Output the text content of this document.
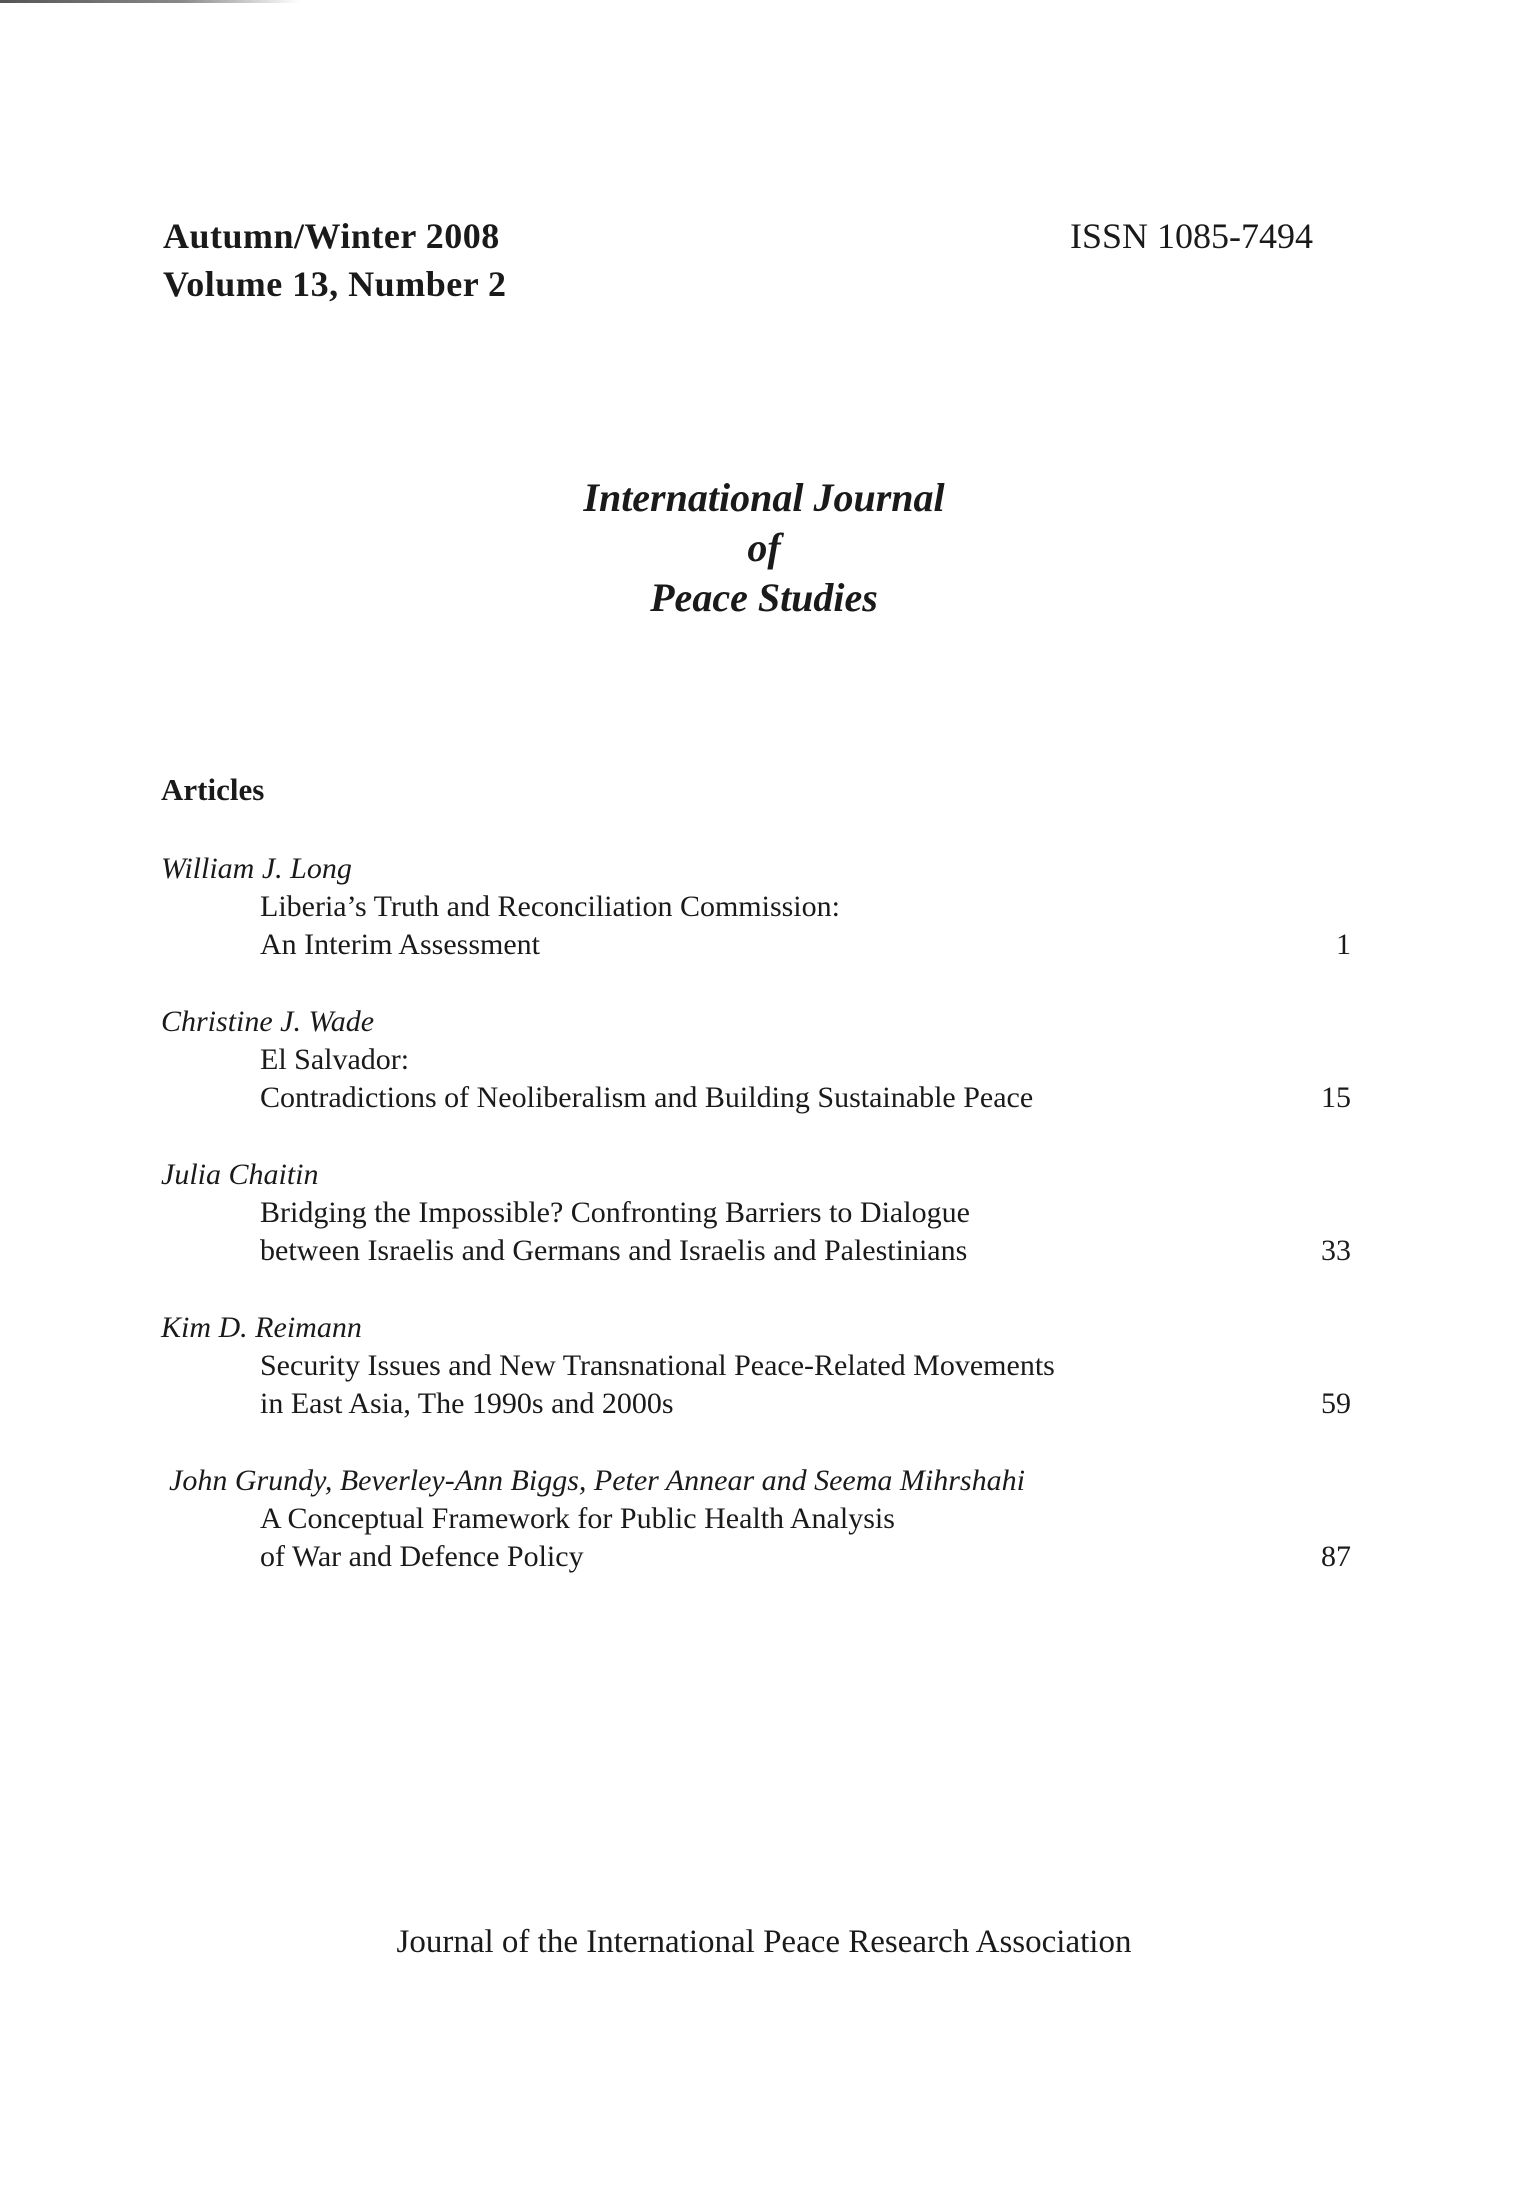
Autumn/Winter 2008
Volume 13, Number 2
ISSN 1085-7494
International Journal
of
Peace Studies
Articles
William J. Long
Liberia’s Truth and Reconciliation Commission:
An Interim Assessment	1
Christine J. Wade
El Salvador:
Contradictions of Neoliberalism and Building Sustainable Peace	15
Julia Chaitin
Bridging the Impossible? Confronting Barriers to Dialogue
between Israelis and Germans and Israelis and Palestinians	33
Kim D. Reimann
Security Issues and New Transnational Peace-Related Movements
in East Asia, The 1990s and 2000s	59
John Grundy, Beverley-Ann Biggs, Peter Annear and Seema Mihrshahi
A Conceptual Framework for Public Health Analysis
of War and Defence Policy	87
Journal of the International Peace Research Association
